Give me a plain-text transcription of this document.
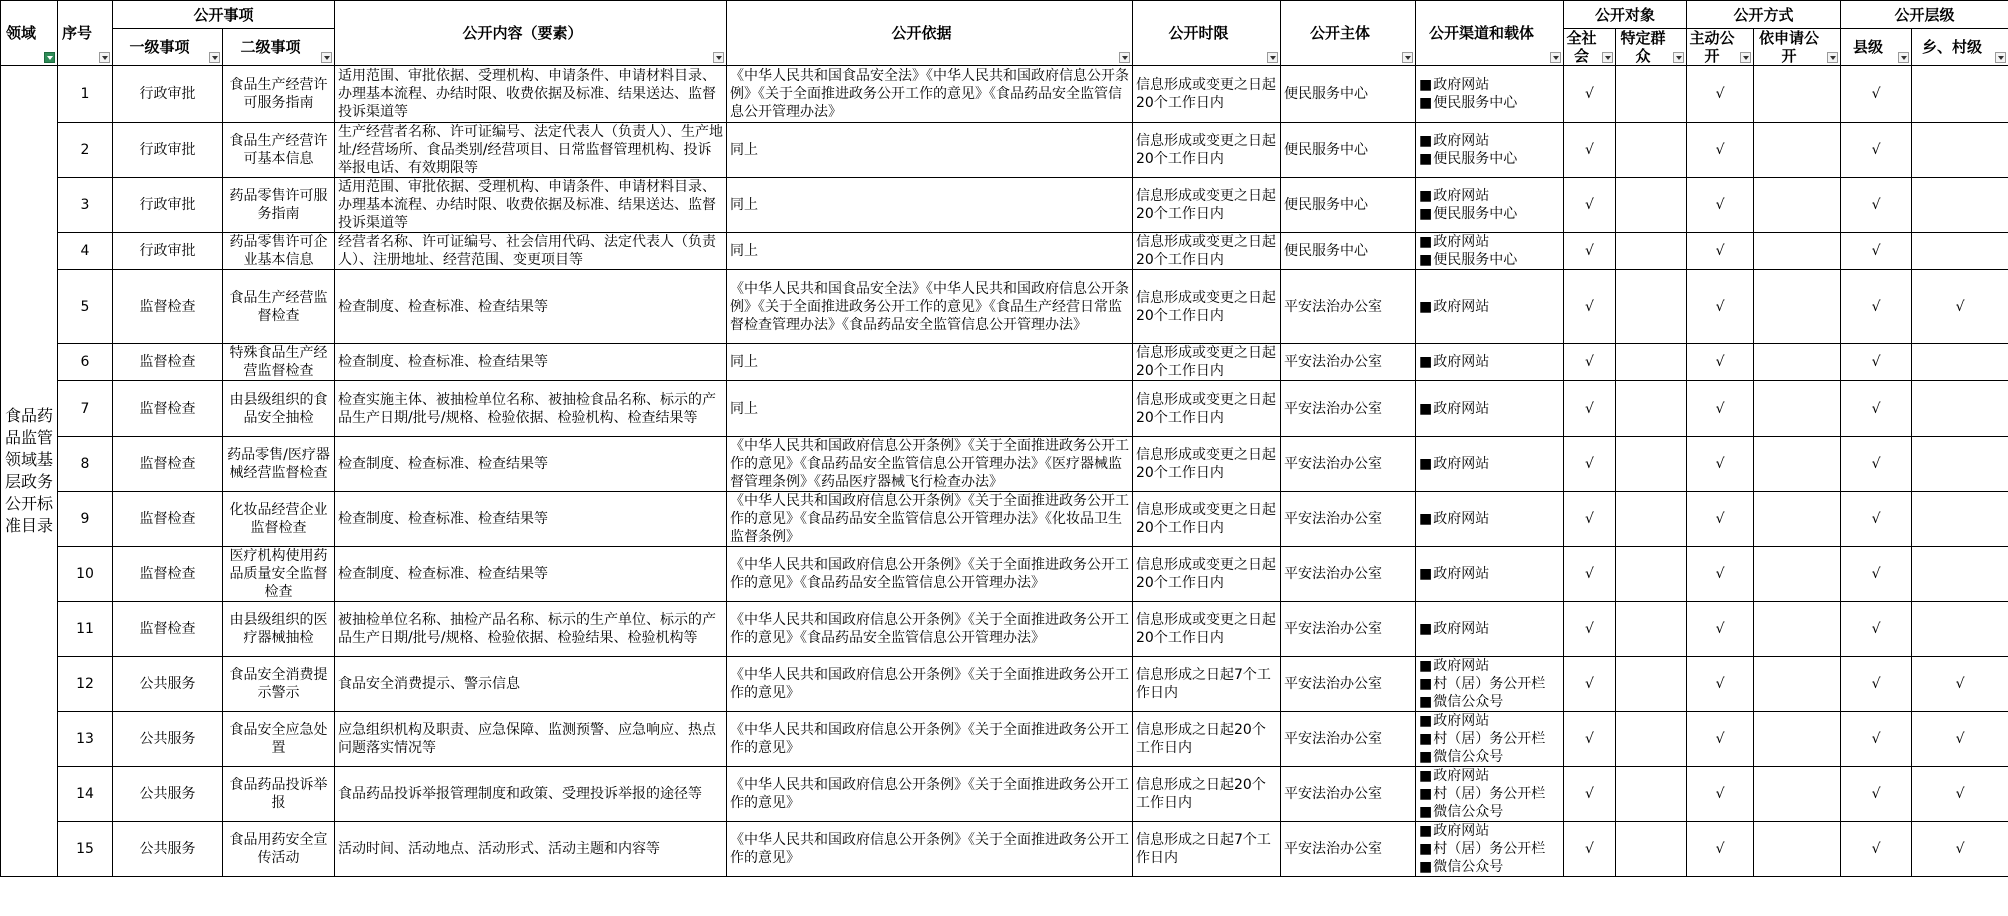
领域	序号	公开事项		公开内容（要素）	公开依据	公开时限	公开主体	公开渠道和载体	公开对象		公开方式		公开层级	
		一级事项	二级事项						全社会	特定群众	主动公开	依申请公开	县级	乡、村级

食品药品监管领域基层政务公开标准目录	1	行政审批	食品生产经营许可服务指南	适用范围、审批依据、受理机构、申请条件、申请材料目录、办理基本流程、办结时限、收费依据及标准、结果送达、监督投诉渠道等	《中华人民共和国食品安全法》《中华人民共和国政府信息公开条例》《关于全面推进政务公开工作的意见》《食品药品安全监管信息公开管理办法》	信息形成或变更之日起20个工作日内	便民服务中心	■ 政府网站
■ 便民服务中心	√		√		√	
	2	行政审批	食品生产经营许可基本信息	生产经营者名称、许可证编号、法定代表人（负责人）、生产地址/经营场所、食品类别/经营项目、日常监督管理机构、投诉举报电话、有效期限等	同上	信息形成或变更之日起20个工作日内	便民服务中心	■ 政府网站
■ 便民服务中心	√		√		√	
	3	行政审批	药品零售许可服务指南	适用范围、审批依据、受理机构、申请条件、申请材料目录、办理基本流程、办结时限、收费依据及标准、结果送达、监督投诉渠道等	同上	信息形成或变更之日起20个工作日内	便民服务中心	■ 政府网站
■ 便民服务中心	√		√		√	
	4	行政审批	药品零售许可企业基本信息	经营者名称、许可证编号、社会信用代码、法定代表人（负责人）、注册地址、经营范围、变更项目等	同上	信息形成或变更之日起20个工作日内	便民服务中心	■ 政府网站
■ 便民服务中心	√		√		√	
	5	监督检查	食品生产经营监督检查	检查制度、检查标准、检查结果等	《中华人民共和国食品安全法》《中华人民共和国政府信息公开条例》《关于全面推进政务公开工作的意见》《食品生产经营日常监督检查管理办法》《食品药品安全监管信息公开管理办法》	信息形成或变更之日起20个工作日内	平安法治办公室	■ 政府网站	√		√		√	√
	6	监督检查	特殊食品生产经营监督检查	检查制度、检查标准、检查结果等	同上	信息形成或变更之日起20个工作日内	平安法治办公室	■ 政府网站	√		√		√	
	7	监督检查	由县级组织的食品安全抽检	检查实施主体、被抽检单位名称、被抽检食品名称、标示的产品生产日期/批号/规格、检验依据、检验机构、检查结果等	同上	信息形成或变更之日起20个工作日内	平安法治办公室	■ 政府网站	√		√		√	
	8	监督检查	药品零售/医疗器械经营监督检查	检查制度、检查标准、检查结果等	《中华人民共和国政府信息公开条例》《关于全面推进政务公开工作的意见》《食品药品安全监管信息公开管理办法》《医疗器械监督管理条例》《药品医疗器械飞行检查办法》	信息形成或变更之日起20个工作日内	平安法治办公室	■ 政府网站	√		√		√	
	9	监督检查	化妆品经营企业监督检查	检查制度、检查标准、检查结果等	《中华人民共和国政府信息公开条例》《关于全面推进政务公开工作的意见》《食品药品安全监管信息公开管理办法》《化妆品卫生监督条例》	信息形成或变更之日起20个工作日内	平安法治办公室	■ 政府网站	√		√		√	
	10	监督检查	医疗机构使用药品质量安全监督检查	检查制度、检查标准、检查结果等	《中华人民共和国政府信息公开条例》《关于全面推进政务公开工作的意见》《食品药品安全监管信息公开管理办法》	信息形成或变更之日起20个工作日内	平安法治办公室	■ 政府网站	√		√		√	
	11	监督检查	由县级组织的医疗器械抽检	被抽检单位名称、抽检产品名称、标示的生产单位、标示的产品生产日期/批号/规格、检验依据、检验结果、检验机构等	《中华人民共和国政府信息公开条例》《关于全面推进政务公开工作的意见》《食品药品安全监管信息公开管理办法》	信息形成或变更之日起20个工作日内	平安法治办公室	■ 政府网站	√		√		√	
	12	公共服务	食品安全消费提示警示	食品安全消费提示、警示信息	《中华人民共和国政府信息公开条例》《关于全面推进政务公开工作的意见》	信息形成之日起7个工作日内	平安法治办公室	■ 政府网站
■ 村（居）务公开栏
■ 微信公众号	√		√		√	√
	13	公共服务	食品安全应急处置	应急组织机构及职责、应急保障、监测预警、应急响应、热点问题落实情况等	《中华人民共和国政府信息公开条例》《关于全面推进政务公开工作的意见》	信息形成之日起20个工作日内	平安法治办公室	■ 政府网站
■ 村（居）务公开栏
■ 微信公众号	√		√		√	√
	14	公共服务	食品药品投诉举报	食品药品投诉举报管理制度和政策、受理投诉举报的途径等	《中华人民共和国政府信息公开条例》《关于全面推进政务公开工作的意见》	信息形成之日起20个工作日内	平安法治办公室	■ 政府网站
■ 村（居）务公开栏
■ 微信公众号	√		√		√	√
	15	公共服务	食品用药安全宣传活动	活动时间、活动地点、活动形式、活动主题和内容等	《中华人民共和国政府信息公开条例》《关于全面推进政务公开工作的意见》	信息形成之日起7个工作日内	平安法治办公室	■ 政府网站
■ 村（居）务公开栏
■ 微信公众号	√		√		√	√
